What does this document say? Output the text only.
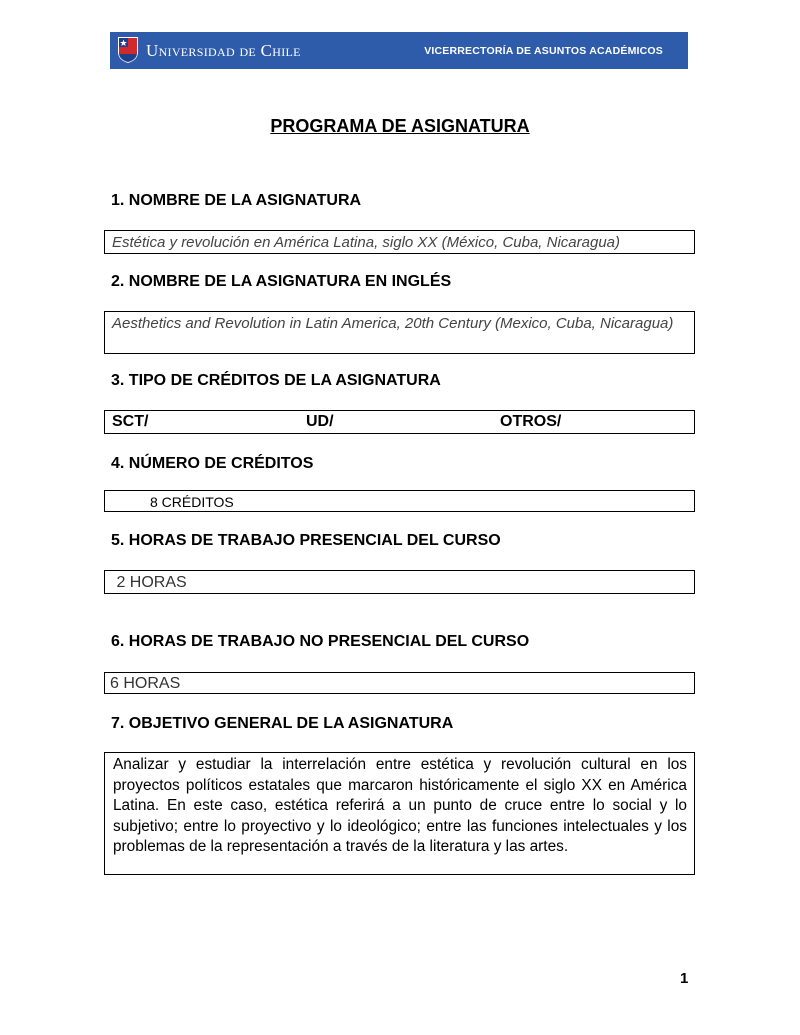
Universidad de Chile	VICERRECTORÍA DE ASUNTOS ACADÉMICOS
PROGRAMA DE ASIGNATURA
1. NOMBRE DE LA ASIGNATURA
Estética y revolución en América Latina, siglo XX (México, Cuba, Nicaragua)
2. NOMBRE DE LA ASIGNATURA EN INGLÉS
Aesthetics and Revolution in Latin America, 20th Century (Mexico, Cuba, Nicaragua)
3. TIPO DE CRÉDITOS DE LA ASIGNATURA
SCT/	UD/	OTROS/
4. NÚMERO DE CRÉDITOS
8 CRÉDITOS
5. HORAS DE TRABAJO PRESENCIAL DEL CURSO
2 HORAS
6. HORAS DE TRABAJO NO PRESENCIAL DEL CURSO
6 HORAS
7. OBJETIVO GENERAL DE LA ASIGNATURA
Analizar y estudiar la interrelación entre estética y revolución cultural en los proyectos políticos estatales que marcaron históricamente el siglo XX en América Latina. En este caso, estética referirá a un punto de cruce entre lo social y lo subjetivo; entre lo proyectivo y lo ideológico; entre las funciones intelectuales y los problemas de la representación a través de la literatura y las artes.
1
